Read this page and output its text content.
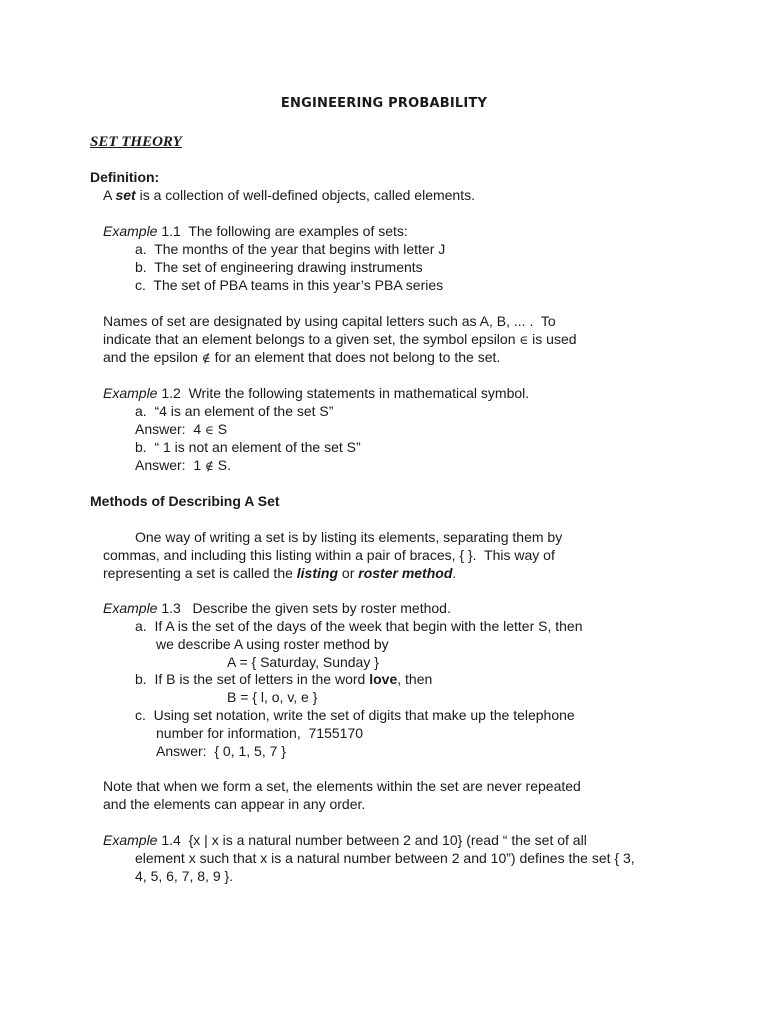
ENGINEERING PROBABILITY
SET THEORY
Definition:
A set is a collection of well-defined objects, called elements.
Example 1.1  The following are examples of sets:
a.  The months of the year that begins with letter J
b.  The set of engineering drawing instruments
c.  The set of PBA teams in this year’s PBA series
Names of set are designated by using capital letters such as A, B, ... .  To
indicate that an element belongs to a given set, the symbol epsilon ∈ is used
and the epsilon ∉ for an element that does not belong to the set.
Example 1.2  Write the following statements in mathematical symbol.
a.  “4 is an element of the set S”
Answer:  4 ∈ S
b.  “ 1 is not an element of the set S”
Answer:  1 ∉ S.
Methods of Describing A Set
One way of writing a set is by listing its elements, separating them by
commas, and including this listing within a pair of braces, { }.  This way of
representing a set is called the listing or roster method.
Example 1.3   Describe the given sets by roster method.
a.  If A is the set of the days of the week that begin with the letter S, then
we describe A using roster method by
A = { Saturday, Sunday }
b.  If B is the set of letters in the word love, then
B = { l, o, v, e }
c.  Using set notation, write the set of digits that make up the telephone
number for information,  7155170
Answer:  { 0, 1, 5, 7 }
Note that when we form a set, the elements within the set are never repeated
and the elements can appear in any order.
Example 1.4  {x | x is a natural number between 2 and 10} (read “ the set of all
element x such that x is a natural number between 2 and 10”) defines the set { 3,
4, 5, 6, 7, 8, 9 }.
